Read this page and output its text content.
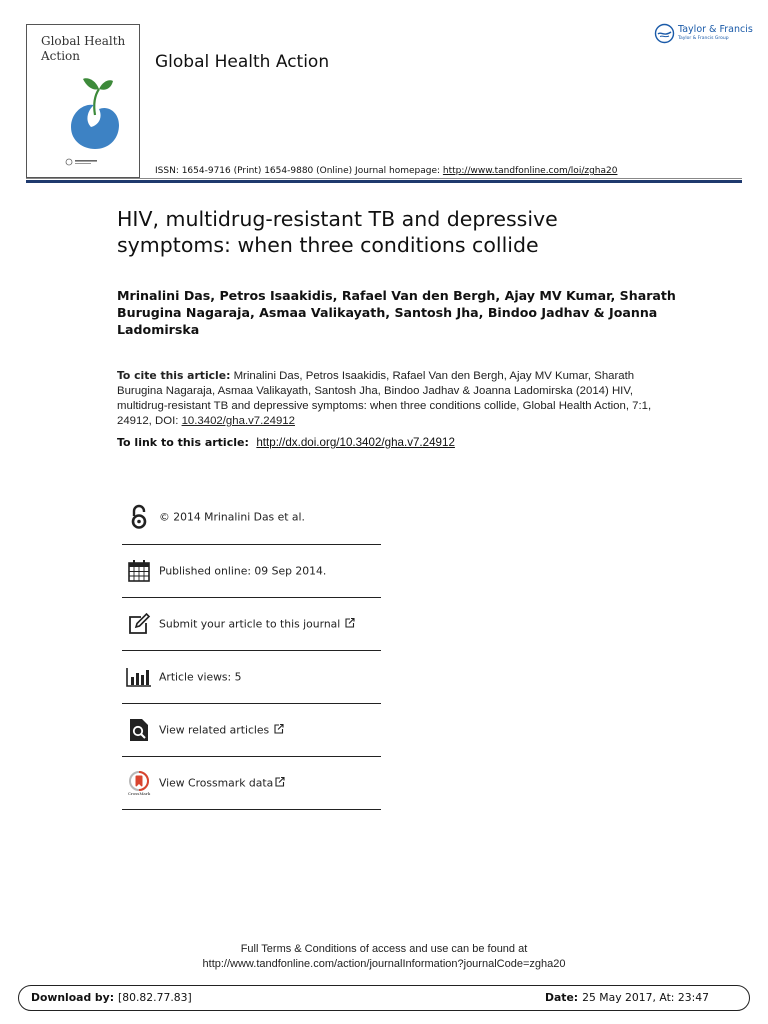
Global Health Action	Global Health Action
Taylor & Francis
Taylor & Francis Group
ISSN: 1654-9716 (Print) 1654-9880 (Online) Journal homepage: http://www.tandfonline.com/loi/zgha20
HIV, multidrug-resistant TB and depressive symptoms: when three conditions collide
Mrinalini Das, Petros Isaakidis, Rafael Van den Bergh, Ajay MV Kumar, Sharath Burugina Nagaraja, Asmaa Valikayath, Santosh Jha, Bindoo Jadhav & Joanna Ladomirska
To cite this article: Mrinalini Das, Petros Isaakidis, Rafael Van den Bergh, Ajay MV Kumar, Sharath Burugina Nagaraja, Asmaa Valikayath, Santosh Jha, Bindoo Jadhav & Joanna Ladomirska (2014) HIV, multidrug-resistant TB and depressive symptoms: when three conditions collide, Global Health Action, 7:1, 24912, DOI: 10.3402/gha.v7.24912
To link to this article: http://dx.doi.org/10.3402/gha.v7.24912
© 2014 Mrinalini Das et al.
Published online: 09 Sep 2014.
Submit your article to this journal
Article views: 5
View related articles
CrossMark
View Crossmark data
Full Terms & Conditions of access and use can be found at
http://www.tandfonline.com/action/journalInformation?journalCode=zgha20
Download by: [80.82.77.83]	Date: 25 May 2017, At: 23:47
